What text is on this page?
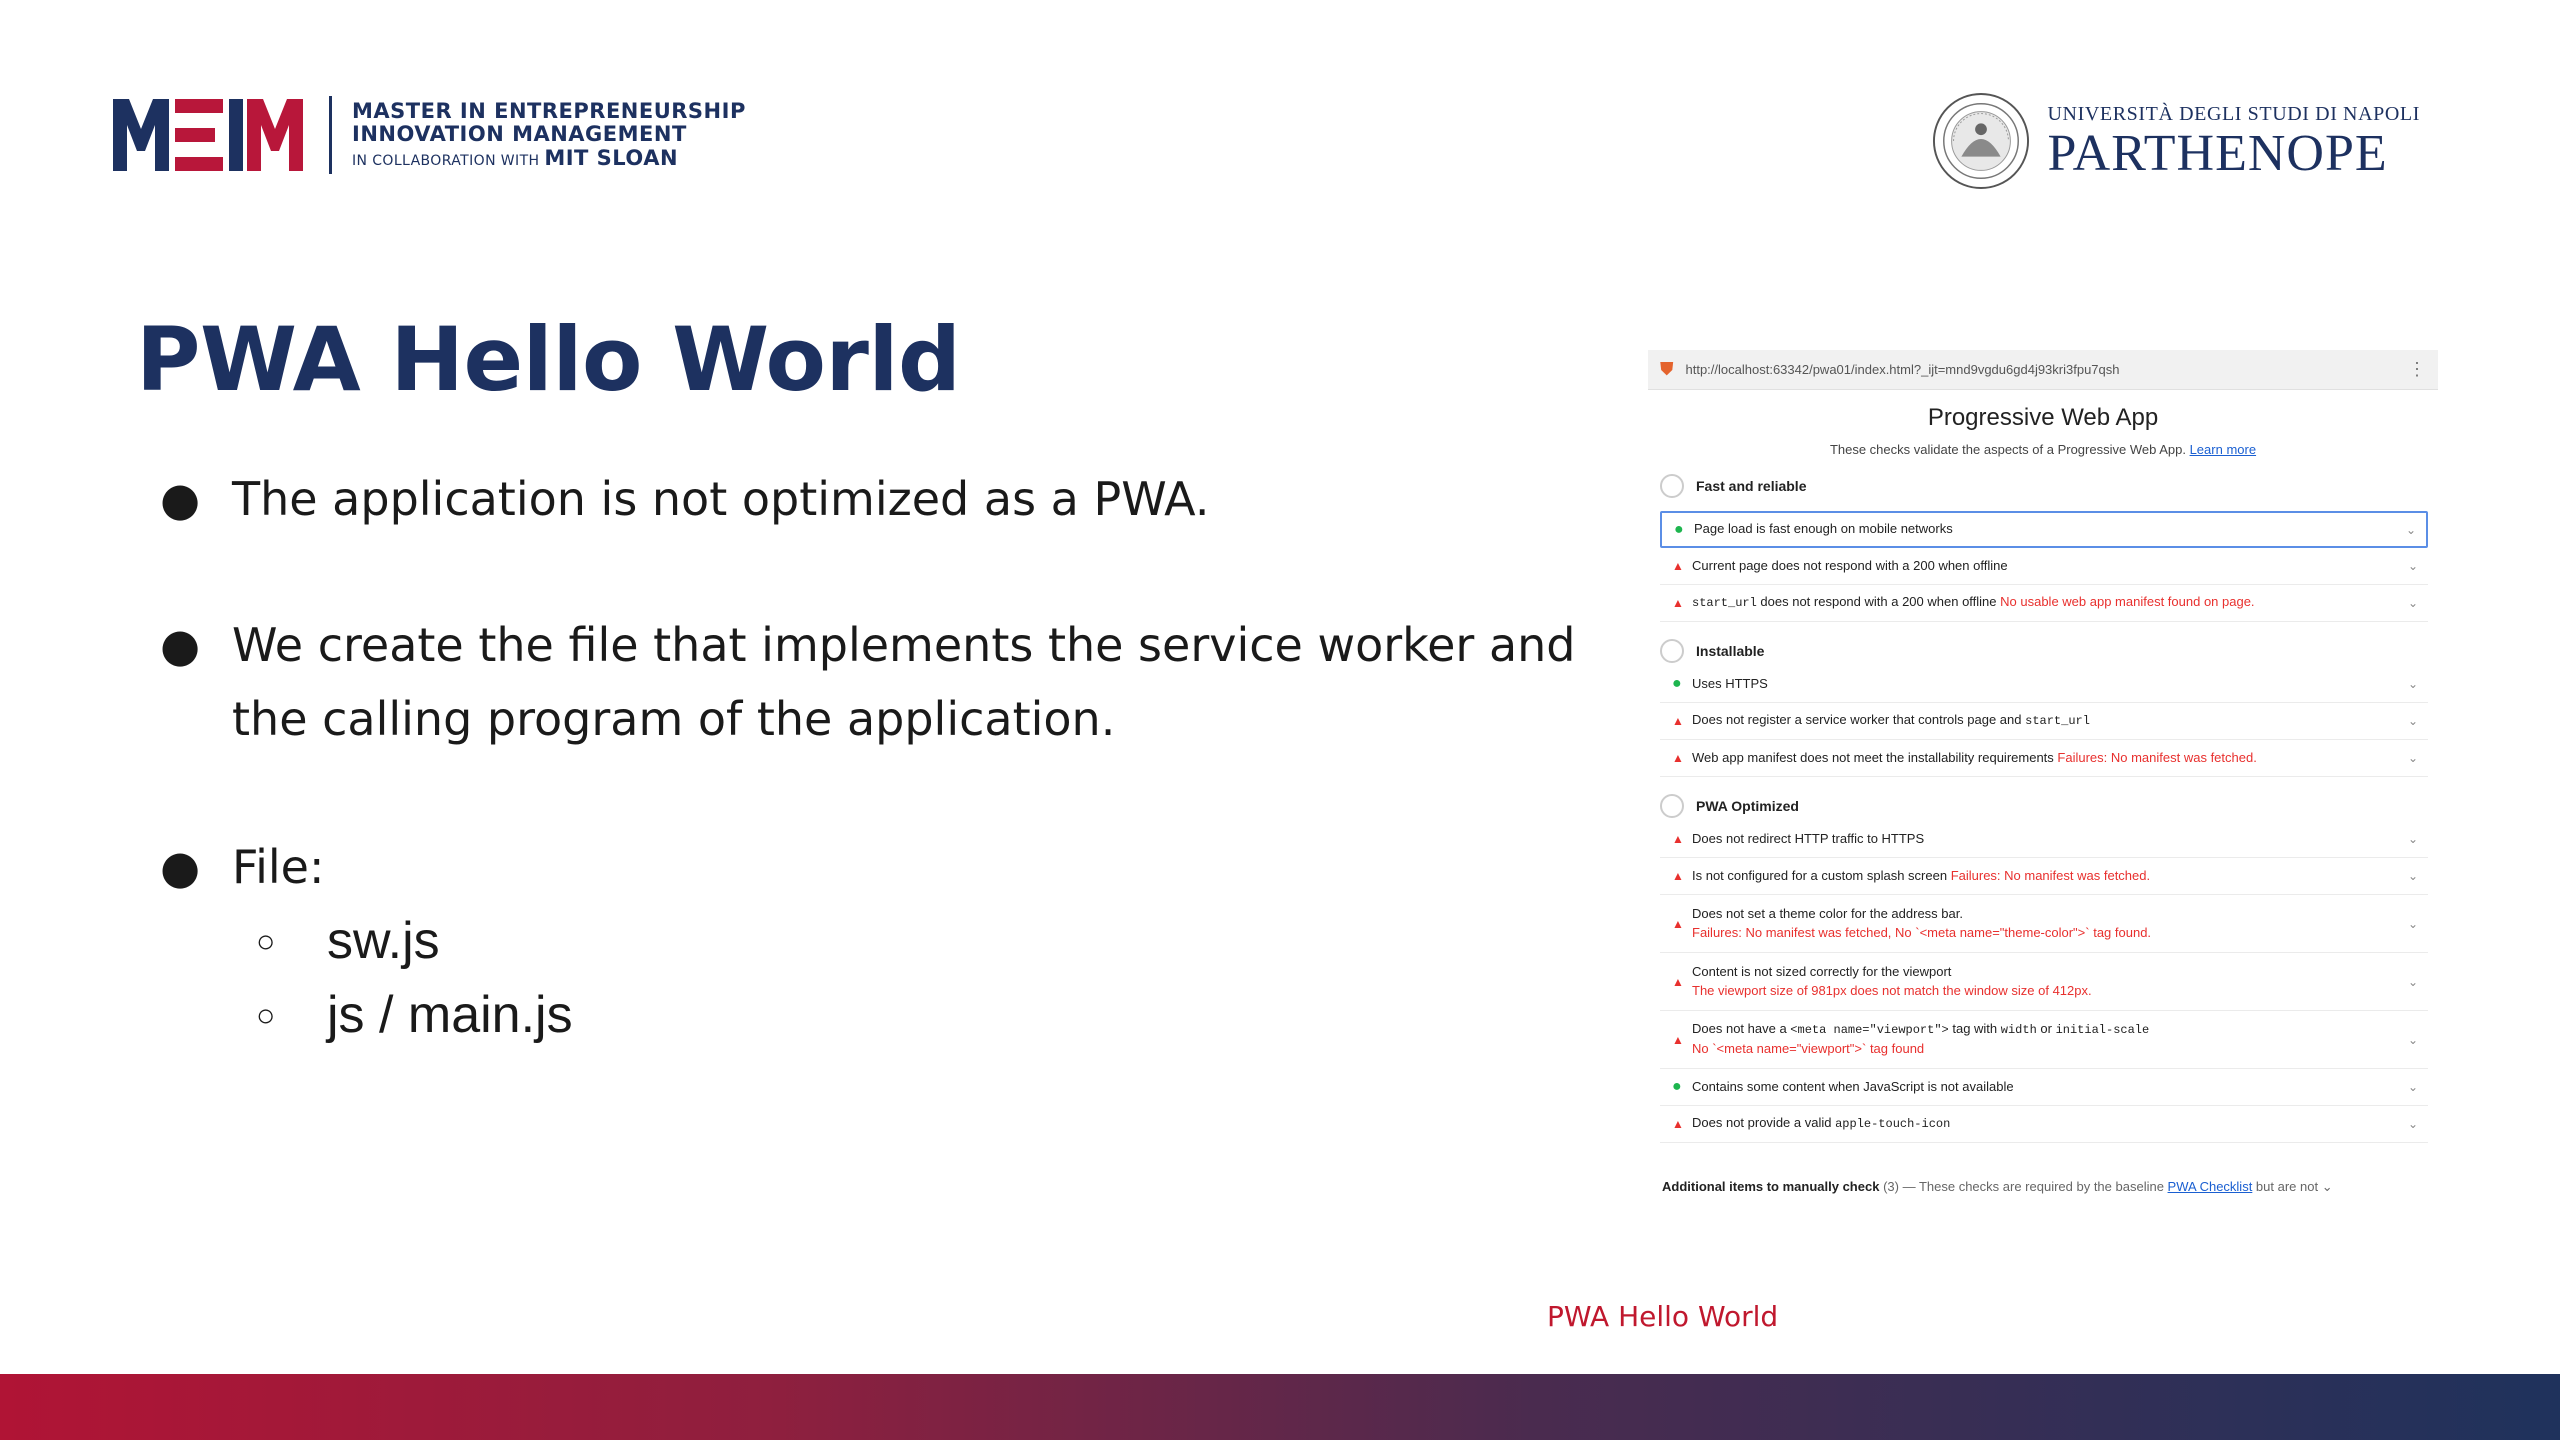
MASTER IN ENTREPRENEURSHIP
INNOVATION MANAGEMENT
IN COLLABORATION WITH MIT SLOAN
UNIVERSITÀ DEGLI STUDI DI NAPOLI
PARTHENOPE
PWA Hello World
● The application is not optimized as a PWA.
● We create the file that implements the service worker and the calling program of the application.
● File:
○ sw.js
○ js / main.js
⛊ http://localhost:63342/pwa01/index.html?_ijt=mnd9vgdu6gd4j93kri3fpu7qsh	⋮
Progressive Web App
These checks validate the aspects of a Progressive Web App. Learn more
Fast and reliable
● Page load is fast enough on mobile networks	⌄
▲ Current page does not respond with a 200 when offline	⌄
▲ start_url does not respond with a 200 when offline No usable web app manifest found on page.	⌄
Installable
● Uses HTTPS	⌄
▲ Does not register a service worker that controls page and start_url	⌄
▲ Web app manifest does not meet the installability requirements Failures: No manifest was fetched.	⌄
PWA Optimized
▲ Does not redirect HTTP traffic to HTTPS	⌄
▲ Is not configured for a custom splash screen Failures: No manifest was fetched.	⌄
▲
Does not set a theme color for the address bar.
Failures: No manifest was fetched, No `<meta name="theme-color">` tag found.
⌄
▲
Content is not sized correctly for the viewport
The viewport size of 981px does not match the window size of 412px.
⌄
▲
Does not have a <meta name="viewport"> tag with width or initial-scale
No `<meta name="viewport">` tag found
⌄
● Contains some content when JavaScript is not available	⌄
▲ Does not provide a valid apple-touch-icon	⌄
Additional items to manually check (3) — These checks are required by the baseline PWA Checklist but are not ⌄
PWA Hello World
